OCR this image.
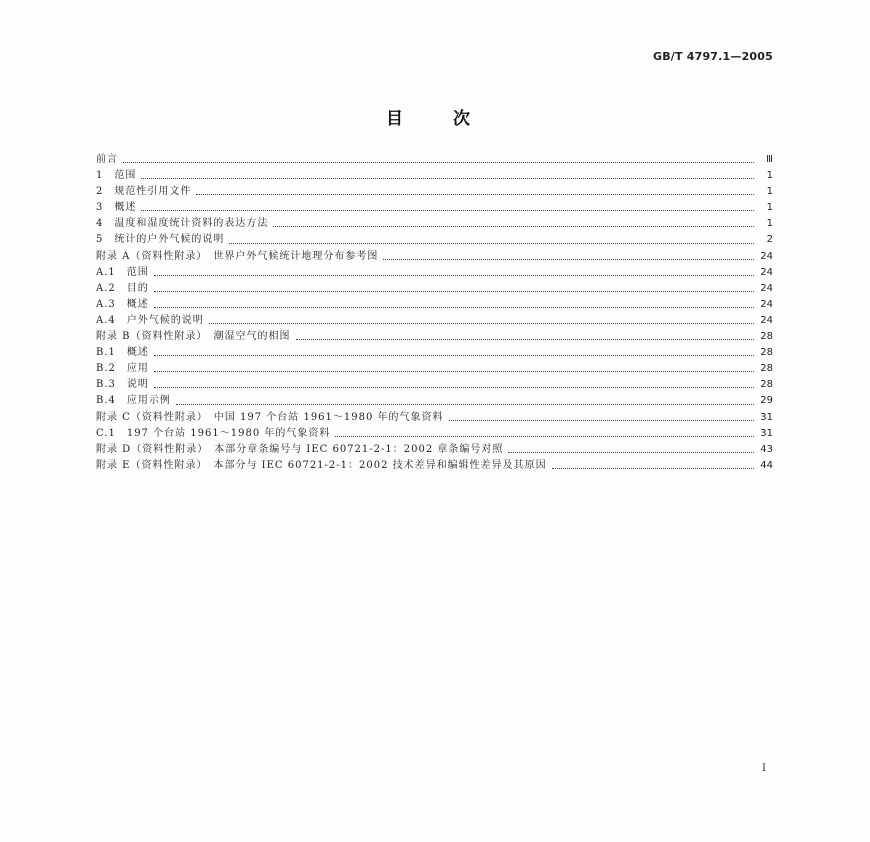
GB/T 4797.1—2005
目次
前言	Ⅲ
1　范围	1
2　规范性引用文件	1
3　概述	1
4　温度和湿度统计资料的表达方法	1
5　统计的户外气候的说明	2
附录 A（资料性附录）　世界户外气候统计地理分布参考图	24
A.1　范围	24
A.2　目的	24
A.3　概述	24
A.4　户外气候的说明	24
附录 B（资料性附录）　潮湿空气的相图	28
B.1　概述	28
B.2　应用	28
B.3　说明	28
B.4　应用示例	29
附录 C（资料性附录）　中国 197 个台站 1961～1980 年的气象资料	31
C.1　197 个台站 1961～1980 年的气象资料	31
附录 D（资料性附录）　本部分章条编号与 IEC 60721-2-1：2002 章条编号对照	43
附录 E（资料性附录）　本部分与 IEC 60721-2-1：2002 技术差异和编辑性差异及其原因	44
Ⅰ
